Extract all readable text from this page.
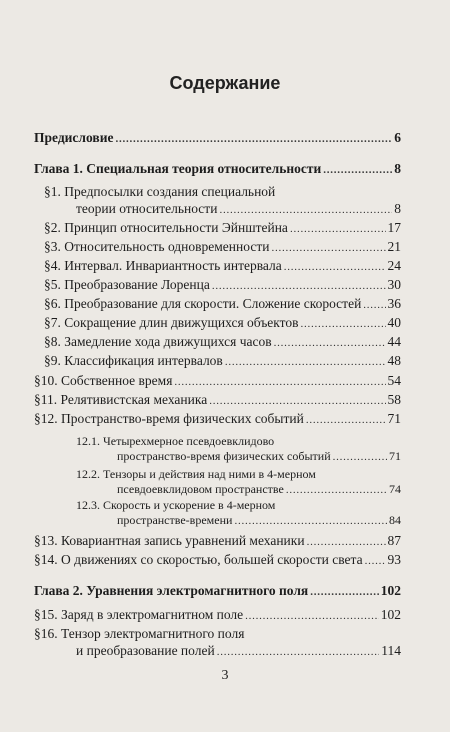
Содержание
Предисловие . . .	6
Глава 1. Специальная теория относительности . . .	8
§1. Предпосылки создания специальной
теории относительности . . .	8
§2. Принцип относительности Эйнштейна . . .	17
§3. Относительность одновременности . . .	21
§4. Интервал. Инвариантность интервала . . .	24
§5. Преобразование Лоренца . . .	30
§6. Преобразование для скорости. Сложение скоростей . . . 36
§7. Сокращение длин движущихся объектов . . .	40
§8. Замедление хода движущихся часов . . .	44
§9. Классификация интервалов . . .	48
§10. Собственное время . . .	54
§11. Релятивистская механика . . .	58
§12. Пространство-время физических событий . . .	71
12.1. Четырехмерное псевдоевклидово
пространство-время физических событий . . .	71
12.2. Тензоры и действия над ними в 4-мерном
псевдоевклидовом пространстве . . .	74
12.3. Скорость и ускорение в 4-мерном
пространстве-времени . . .	84
§13. Ковариантная запись уравнений механики . . .	87
§14. О движениях со скоростью, большей скорости света . . . 93
Глава 2. Уравнения электромагнитного поля . . .	102
§15. Заряд в электромагнитном поле . . .	102
§16. Тензор электромагнитного поля
и преобразование полей . . .	114
3
